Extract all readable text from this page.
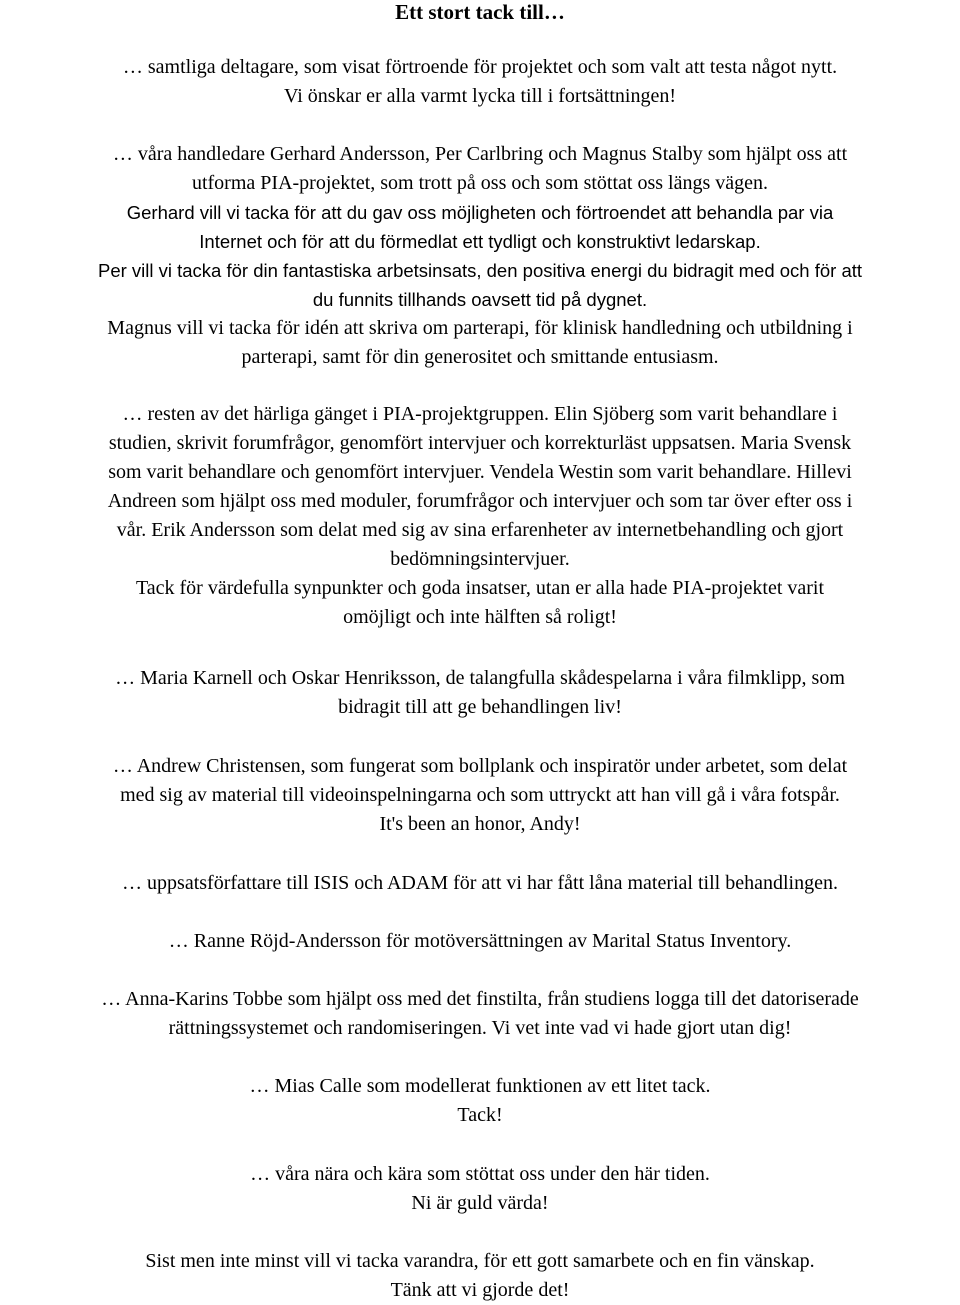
Ett stort tack till…

… samtliga deltagare, som visat förtroende för projektet och som valt att testa något nytt.
Vi önskar er alla varmt lycka till i fortsättningen!

… våra handledare Gerhard Andersson, Per Carlbring och Magnus Stalby som hjälpt oss att
utforma PIA-projektet, som trott på oss och som stöttat oss längs vägen.
Gerhard vill vi tacka för att du gav oss möjligheten och förtroendet att behandla par via
Internet och för att du förmedlat ett tydligt och konstruktivt ledarskap.
Per vill vi tacka för din fantastiska arbetsinsats, den positiva energi du bidragit med och för att
du funnits tillhands oavsett tid på dygnet.
Magnus vill vi tacka för idén att skriva om parterapi, för klinisk handledning och utbildning i
parterapi, samt för din generositet och smittande entusiasm.

… resten av det härliga gänget i PIA-projektgruppen. Elin Sjöberg som varit behandlare i
studien, skrivit forumfrågor, genomfört intervjuer och korrekturläst uppsatsen. Maria Svensk
som varit behandlare och genomfört intervjuer. Vendela Westin som varit behandlare. Hillevi
Andreen som hjälpt oss med moduler, forumfrågor och intervjuer och som tar över efter oss i
vår. Erik Andersson som delat med sig av sina erfarenheter av internetbehandling och gjort
bedömningsintervjuer.
Tack för värdefulla synpunkter och goda insatser, utan er alla hade PIA-projektet varit
omöjligt och inte hälften så roligt!

… Maria Karnell och Oskar Henriksson, de talangfulla skådespelarna i våra filmklipp, som
bidragit till att ge behandlingen liv!

… Andrew Christensen, som fungerat som bollplank och inspiratör under arbetet, som delat
med sig av material till videoinspelningarna och som uttryckt att han vill gå i våra fotspår.
It's been an honor, Andy!

… uppsatsförfattare till ISIS och ADAM för att vi har fått låna material till behandlingen.

… Ranne Röjd-Andersson för motöversättningen av Marital Status Inventory.

… Anna-Karins Tobbe som hjälpt oss med det finstilta, från studiens logga till det datoriserade
rättningssystemet och randomiseringen. Vi vet inte vad vi hade gjort utan dig!

… Mias Calle som modellerat funktionen av ett litet tack.
Tack!

… våra nära och kära som stöttat oss under den här tiden.
Ni är guld värda!

Sist men inte minst vill vi tacka varandra, för ett gott samarbete och en fin vänskap.
Tänk att vi gjorde det!
